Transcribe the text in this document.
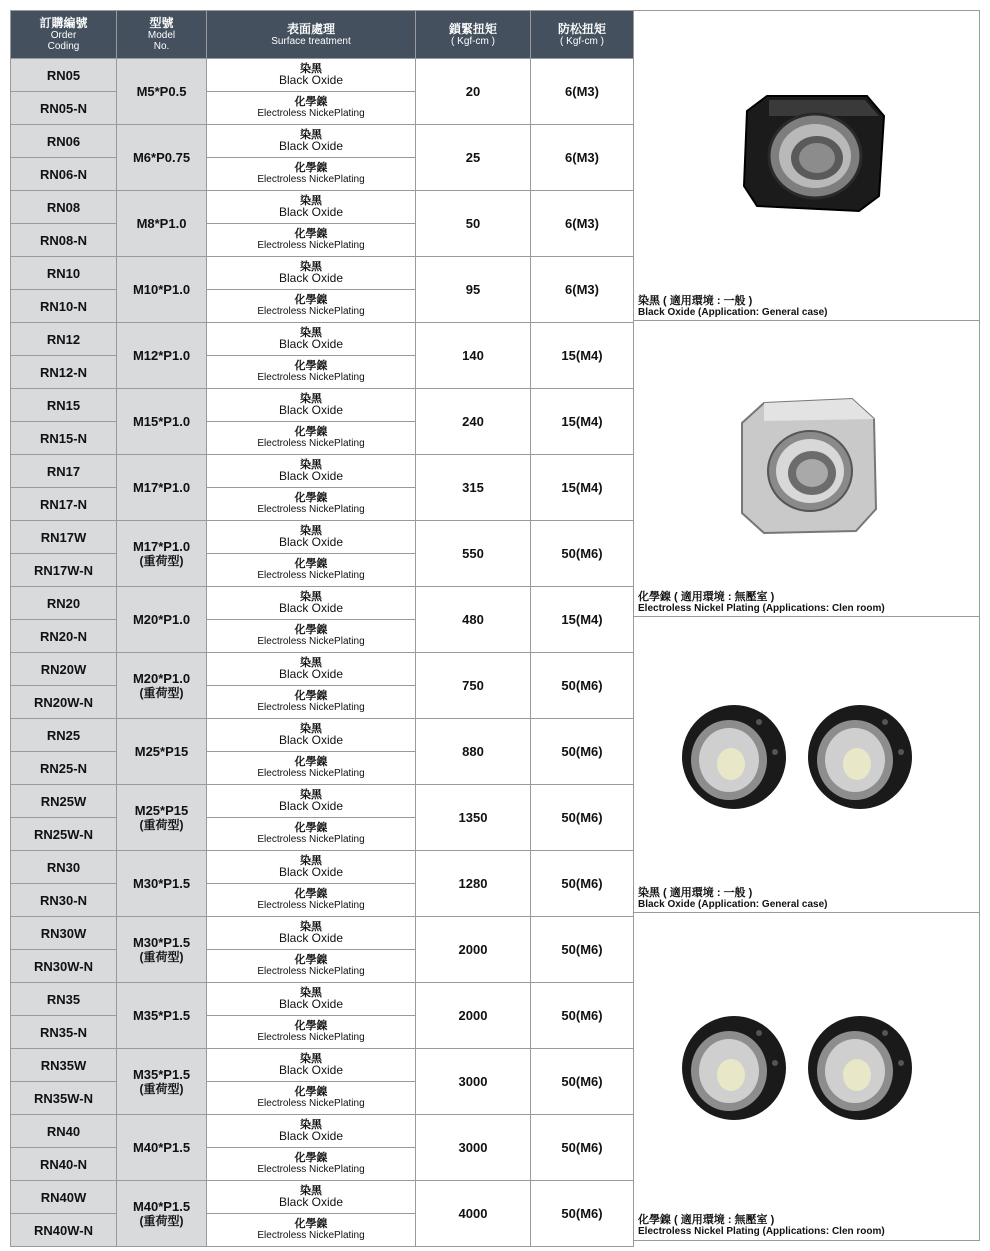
訂購編號
Order
Coding	型號
Model
No.	表面處理
Surface treatment	鎖緊扭矩
( Kgf-cm )	防松扭矩
( Kgf-cm )

RN05	M5*P0.5	染黑
Black Oxide	20	6(M3)
RN05-N		化學鎳
Electroless NickePlating		

RN06	M6*P0.75	染黑
Black Oxide	25	6(M3)
RN06-N		化學鎳
Electroless NickePlating		

RN08	M8*P1.0	染黑
Black Oxide	50	6(M3)
RN08-N		化學鎳
Electroless NickePlating		

RN10	M10*P1.0	染黑
Black Oxide	95	6(M3)
RN10-N		化學鎳
Electroless NickePlating		

RN12	M12*P1.0	染黑
Black Oxide	140	15(M4)
RN12-N		化學鎳
Electroless NickePlating		

RN15	M15*P1.0	染黑
Black Oxide	240	15(M4)
RN15-N		化學鎳
Electroless NickePlating		

RN17	M17*P1.0	染黑
Black Oxide	315	15(M4)
RN17-N		化學鎳
Electroless NickePlating		

RN17W	M17*P1.0
(重荷型)	染黑
Black Oxide	550	50(M6)
RN17W-N		化學鎳
Electroless NickePlating		

RN20	M20*P1.0	染黑
Black Oxide	480	15(M4)
RN20-N		化學鎳
Electroless NickePlating		

RN20W	M20*P1.0
(重荷型)	染黑
Black Oxide	750	50(M6)
RN20W-N		化學鎳
Electroless NickePlating		

RN25	M25*P15	染黑
Black Oxide	880	50(M6)
RN25-N		化學鎳
Electroless NickePlating		

RN25W	M25*P15
(重荷型)	染黑
Black Oxide	1350	50(M6)
RN25W-N		化學鎳
Electroless NickePlating		

RN30	M30*P1.5	染黑
Black Oxide	1280	50(M6)
RN30-N		化學鎳
Electroless NickePlating		

RN30W	M30*P1.5
(重荷型)	染黑
Black Oxide	2000	50(M6)
RN30W-N		化學鎳
Electroless NickePlating		

RN35	M35*P1.5	染黑
Black Oxide	2000	50(M6)
RN35-N		化學鎳
Electroless NickePlating		

RN35W	M35*P1.5
(重荷型)	染黑
Black Oxide	3000	50(M6)
RN35W-N		化學鎳
Electroless NickePlating		

RN40	M40*P1.5	染黑
Black Oxide	3000	50(M6)
RN40-N		化學鎳
Electroless NickePlating		

RN40W	M40*P1.5
(重荷型)	染黑
Black Oxide	4000	50(M6)
RN40W-N		化學鎳
Electroless NickePlating		
染黑 ( 適用環境 : 一般 )
Black Oxide (Application: General case)
化學鎳 ( 適用環境 : 無壓室 )
Electroless Nickel Plating (Applications: Clen room)
染黑 ( 適用環境 : 一般 )
Black Oxide (Application: General case)
化學鎳 ( 適用環境 : 無壓室 )
Electroless Nickel Plating (Applications: Clen room)
